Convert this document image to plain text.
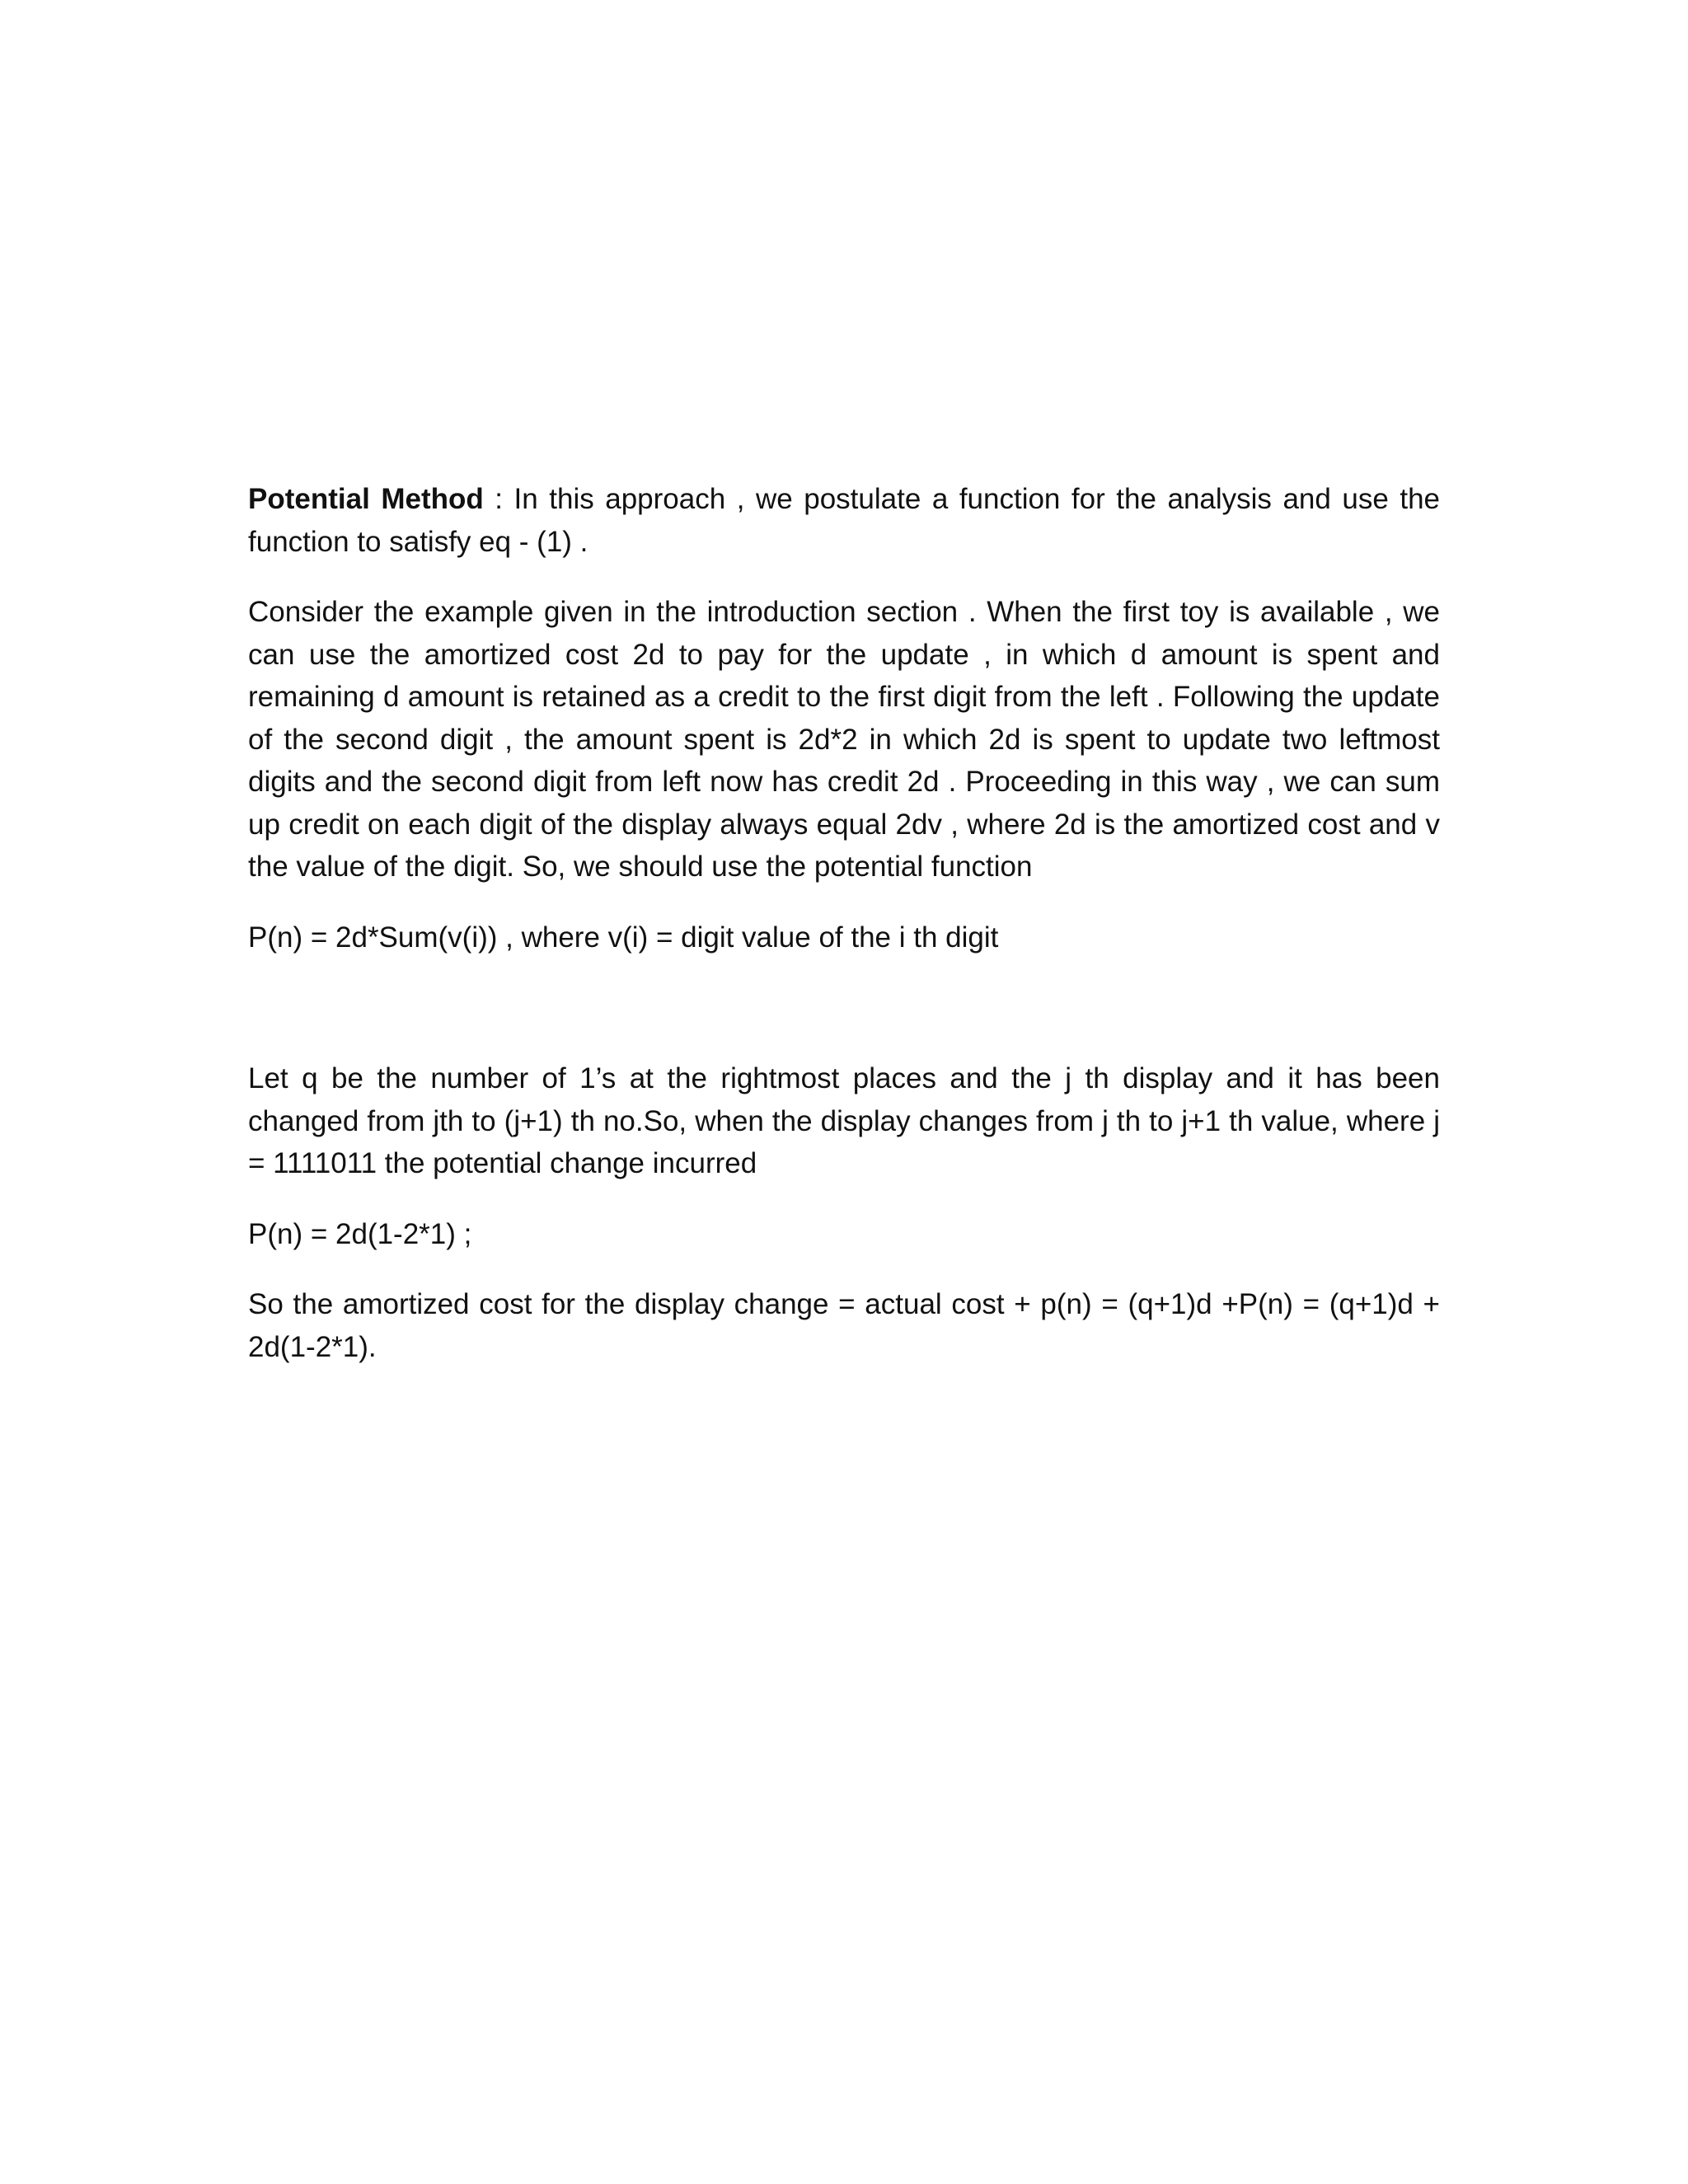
Potential Method : In this approach , we postulate a function for the analysis and use the function to satisfy eq - (1) .

Consider the example given in the introduction section . When the first toy is available , we can use the amortized cost 2d to pay for the update , in which d amount is spent and remaining d amount is retained as a credit to the first digit from the left . Following the update of the second digit , the amount spent is 2d*2 in which 2d is spent to update two leftmost digits and the second digit from left now has credit 2d . Proceeding in this way , we can sum up credit on each digit of the display always equal 2dv , where 2d is the amortized cost and v the value of the digit. So, we should use the potential function

P(n) = 2d*Sum(v(i)) , where v(i) = digit value of the i th digit

Let q be the number of 1’s at the rightmost places and the j th display and it has been changed from jth to (j+1) th no.So, when the display changes from j th to j+1 th value, where j = 1111011 the potential change incurred

P(n) = 2d(1-2*1) ;

So the amortized cost for the display change = actual cost + p(n) = (q+1)d +P(n) = (q+1)d + 2d(1-2*1).
